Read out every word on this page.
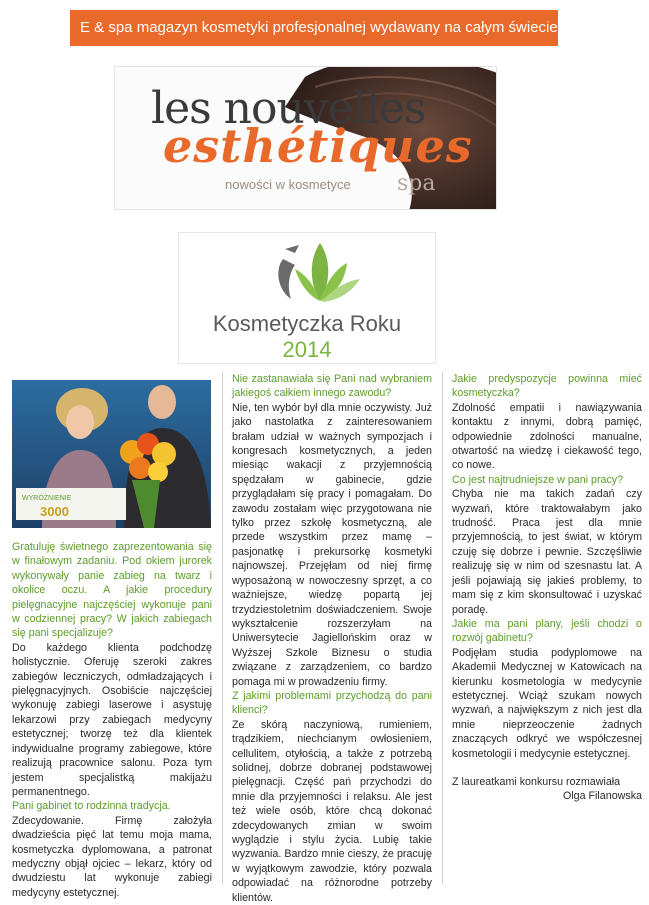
E & spa magazyn kosmetyki profesjonalnej wydawany na całym świecie
les nouvelles
esthétiques
nowości w kosmetyce spa
Kosmetyczka Roku
2014
WYRÓŻNIENIE
3000

Gratuluję świetnego zaprezentowania się w finałowym zadaniu. Pod okiem jurorek wykonywały panie zabieg na twarz i okolice oczu. A jakie procedury pielęgnacyjne najczęściej wykonuje pani w codziennej pracy? W jakich zabiegach się pani specjalizuje?

Do każdego klienta podchodzę holistycznie. Oferuję szeroki zakres zabiegów leczniczych, odmładzających i pielęgnacyjnych. Osobiście najczęściej wykonuję zabiegi laserowe i asystuję lekarzowi przy zabiegach medycyny estetycznej; tworzę też dla klientek indywidualne programy zabiegowe, które realizują pracownice salonu. Poza tym jestem specjalistką makijażu permanentnego.

Pani gabinet to rodzinna tradycja.

Zdecydowanie. Firmę założyła dwadzieścia pięć lat temu moja mama, kosmetyczka dyplomowana, a patronat medyczny objął ojciec – lekarz, który od dwudziestu lat wykonuje zabiegi medycyny estetycznej.

Nie zastanawiała się Pani nad wybraniem jakiegoś całkiem innego zawodu?

Nie, ten wybór był dla mnie oczywisty. Już jako nastolatka z zainteresowaniem brałam udział w ważnych sympozjach i kongresach kosmetycznych, a jeden miesiąc wakacji z przyjemnością spędzałam w gabinecie, gdzie przyglądałam się pracy i pomagałam. Do zawodu zostałam więc przygotowana nie tylko przez szkołę kosmetyczną, ale przede wszystkim przez mamę – pasjonatkę i prekursorkę kosmetyki najnowszej. Przejęłam od niej firmę wyposażoną w nowoczesny sprzęt, a co ważniejsze, wiedzę popartą jej trzydziestoletnim doświadczeniem. Swoje wykształcenie rozszerzyłam na Uniwersytecie Jagiellońskim oraz w Wyższej Szkole Biznesu o studia związane z zarządzeniem, co bardzo pomaga mi w prowadzeniu firmy.

Z jakimi problemami przychodzą do pani klienci?

Ze skórą naczyniową, rumieniem, trądzikiem, niechcianym owłosieniem, cellulitem, otyłością, a także z potrzebą solidnej, dobrze dobranej podstawowej pielęgnacji. Część pań przychodzi do mnie dla przyjemności i relaksu. Ale jest też wiele osób, które chcą dokonać zdecydowanych zmian w swoim wyglądzie i stylu życia. Lubię takie wyzwania. Bardzo mnie cieszy, że pracuję w wyjątkowym zawodzie, który pozwala odpowiadać na różnorodne potrzeby klientów.

Jakie predyspozycje powinna mieć kosmetyczka?

Zdolność empatii i nawiązywania kontaktu z innymi, dobrą pamięć, odpowiednie zdolności manualne, otwartość na wiedzę i ciekawość tego, co nowe.

Co jest najtrudniejsze w pani pracy?

Chyba nie ma takich zadań czy wyzwań, które traktowałabym jako trudność. Praca jest dla mnie przyjemnością, to jest świat, w którym czuję się dobrze i pewnie. Szczęśliwie realizuję się w nim od szesnastu lat. A jeśli pojawiają się jakieś problemy, to mam się z kim skonsultować i uzyskać poradę.

Jakie ma pani plany, jeśli chodzi o rozwój gabinetu?

Podjęłam studia podyplomowe na Akademii Medycznej w Katowicach na kierunku kosmetologia w medycynie estetycznej. Wciąż szukam nowych wyzwań, a największym z nich jest dla mnie nieprzeoczenie żadnych znaczących odkryć we współczesnej kosmetologii i medycynie estetycznej.

Z laureatkami konkursu rozmawiała

Olga Filanowska
